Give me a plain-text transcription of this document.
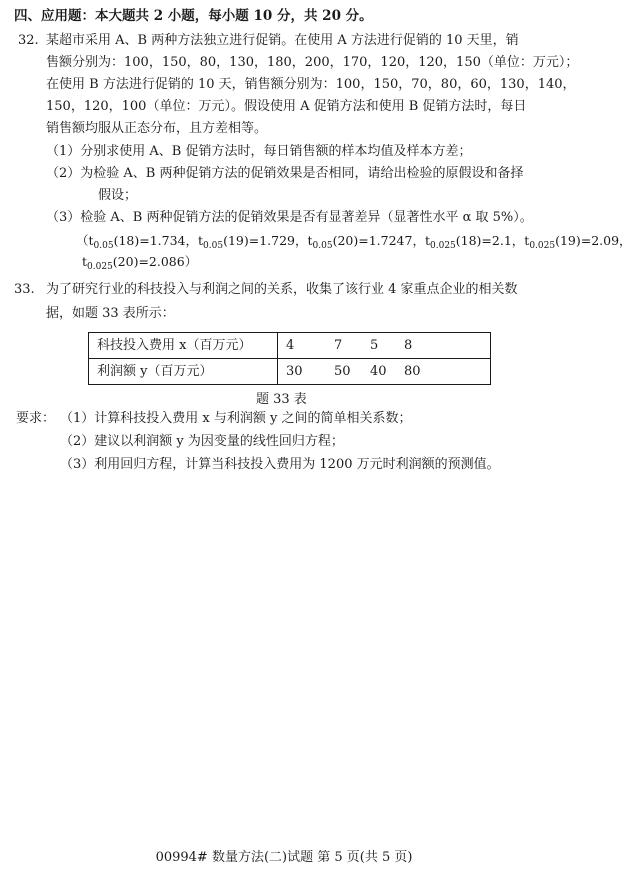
四、应用题：本大题共 2 小题，每小题 10 分，共 20 分。
32. 某超市采用 A、B 两种方法独立进行促销。在使用 A 方法进行促销的 10 天里，销
售额分别为：100，150，80，130，180，200，170，120，120，150（单位：万元）；
在使用 B 方法进行促销的 10 天，销售额分别为：100，150，70，80，60，130，140，
150，120，100（单位：万元）。假设使用 A 促销方法和使用 B 促销方法时，每日
销售额均服从正态分布，且方差相等。
（1）分别求使用 A、B 促销方法时，每日销售额的样本均值及样本方差；
（2）为检验 A、B 两种促销方法的促销效果是否相同，请给出检验的原假设和备择
假设；
（3）检验 A、B 两种促销方法的促销效果是否有显著差异（显著性水平 α 取 5%）。
（$t_{0.05}(18)=1.734$，$t_{0.05}(19)=1.729$，$t_{0.05}(20)=1.7247$，$t_{0.025}(18)=2.1$，$t_{0.025}(19)=2.09$，
$t_{0.025}(20)=2.086$）
33. 为了研究行业的科技投入与利润之间的关系，收集了该行业 4 家重点企业的相关数
据，如题 33 表所示：
科技投入费用 x（百万元）	4 7 5 8
利润额 y（百万元）	30 50 40 80
题 33 表
要求： （1）计算科技投入费用 x 与利润额 y 之间的简单相关系数；
（2）建议以利润额 y 为因变量的线性回归方程；
（3）利用回归方程，计算当科技投入费用为 1200 万元时利润额的预测值。
00994# 数量方法(二)试题 第 5 页(共 5 页)
